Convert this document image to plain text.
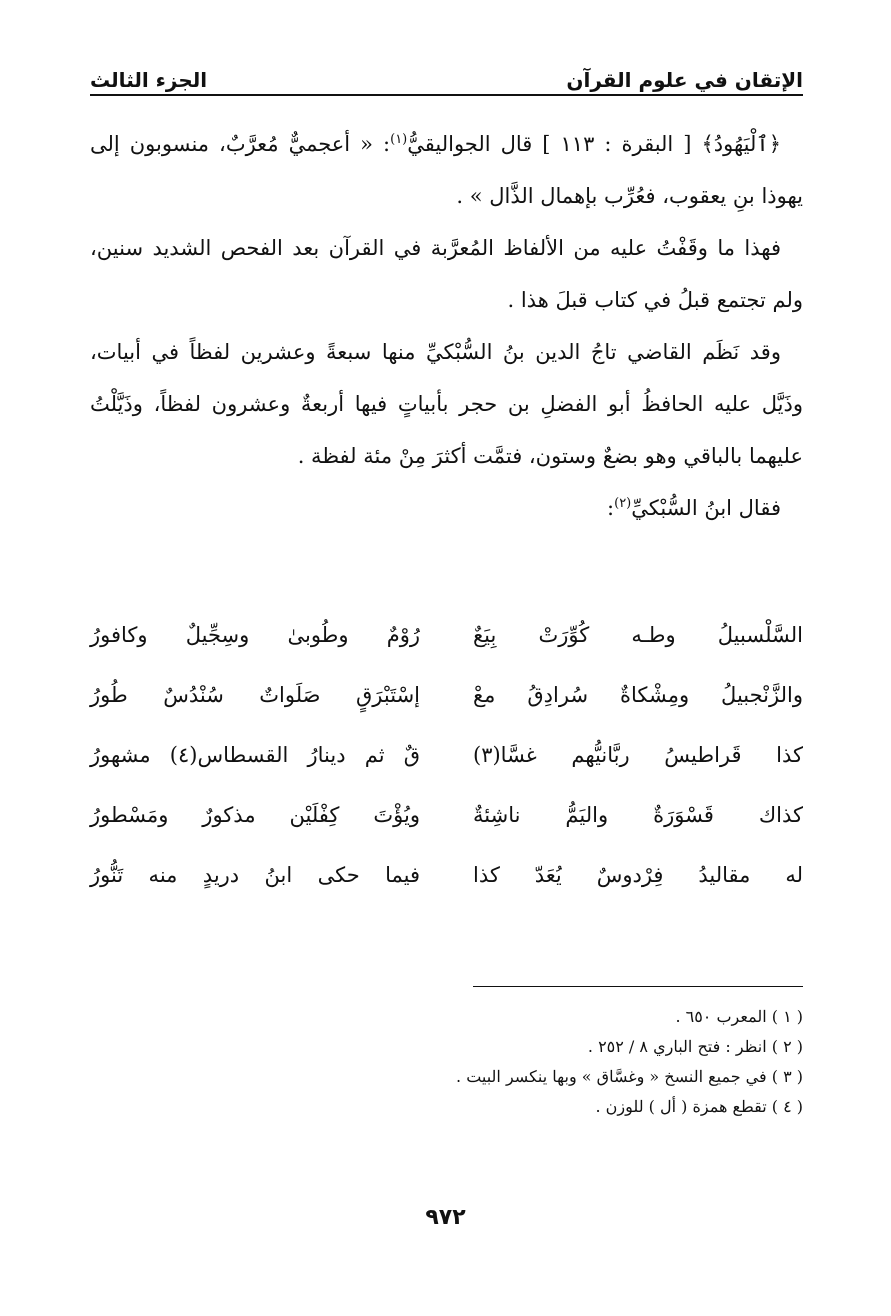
الإتقان في علوم القرآن
الجزء الثالث

﴿ٱلْيَهُودُ﴾ [ البقرة : ١١٣ ] قال الجواليقيُّ$^{(١)}$: « أعجميٌّ مُعرَّبٌ، منسوبون إلى يهوذا بنِ يعقوب، فعُرِّب بإهمال الذَّال » .

فهذا ما وقَفْتُ عليه من الألفاظ المُعرَّبة في القرآن بعد الفحص الشديد سنين، ولم تجتمع قبلُ في كتاب قبلَ هذا .

وقد نَظَم القاضي تاجُ الدين بنُ السُّبْكيِّ منها سبعةً وعشرين لفظاً في أبيات، وذَيَّل عليه الحافظُ أبو الفضلِ بن حجر بأبياتٍ فيها أربعةٌ وعشرون لفظاً، وذَيَّلْتُ عليهما بالباقي وهو بضعٌ وستون، فتمَّت أكثرَ مِنْ مئة لفظة .

فقال ابنُ السُّبْكيِّ$^{(٢)}$:

السَّلْسبيلُ وطـه كُوِّرَتْ بِيَعٌ
رُوْمٌ وطُوبىٰ وسِجِّيلٌ وكافورُ
والزَّنْجبيلُ ومِشْكاةٌ سُرادِقُ معْ
إسْتَبْرَقٍ صَلَواتٌ سُنْدُسٌ طُورُ
كذا قَراطيسُ ربَّانيُّهم غسَّا(٣)
قٌ ثم دينارُ القسطاس(٤) مشهورُ
كذاك قَسْوَرَةٌ واليَمُّ ناشِئةٌ
ويُؤْتَ كِفْلَيْن مذكورٌ ومَسْطورُ
له مقاليدُ فِرْدوسٌ يُعَدّ كذا
فيما حكى ابنُ دريدٍ منه تَنُّورُ

( ١ ) المعرب ٦٥٠ .

( ٢ ) انظر : فتح الباري ٨ / ٢٥٢ .

( ٣ ) في جميع النسخ « وغسَّاق » وبها ينكسر البيت .

( ٤ ) تقطع همزة ( أل ) للوزن .

٩٧٢
